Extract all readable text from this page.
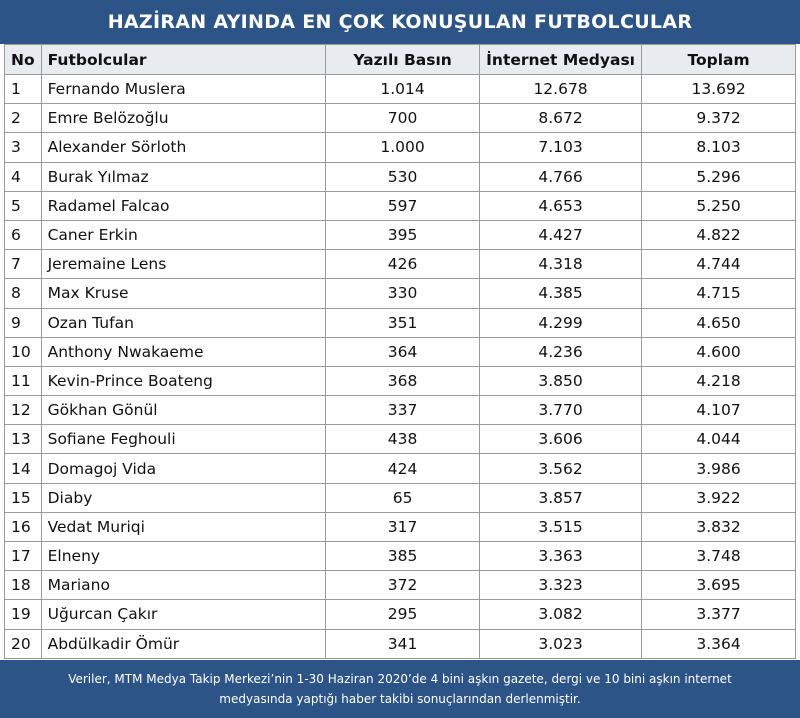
HAZİRAN AYINDA EN ÇOK KONUŞULAN FUTBOLCULAR
No	Futbolcular	Yazılı Basın	İnternet Medyası	Toplam
1	Fernando Muslera	1.014	12.678	13.692
2	Emre Belözoğlu	700	8.672	9.372
3	Alexander Sörloth	1.000	7.103	8.103
4	Burak Yılmaz	530	4.766	5.296
5	Radamel Falcao	597	4.653	5.250
6	Caner Erkin	395	4.427	4.822
7	Jeremaine Lens	426	4.318	4.744
8	Max Kruse	330	4.385	4.715
9	Ozan Tufan	351	4.299	4.650
10	Anthony Nwakaeme	364	4.236	4.600
11	Kevin-Prince Boateng	368	3.850	4.218
12	Gökhan Gönül	337	3.770	4.107
13	Sofiane Feghouli	438	3.606	4.044
14	Domagoj Vida	424	3.562	3.986
15	Diaby	65	3.857	3.922
16	Vedat Muriqi	317	3.515	3.832
17	Elneny	385	3.363	3.748
18	Mariano	372	3.323	3.695
19	Uğurcan Çakır	295	3.082	3.377
20	Abdülkadir Ömür	341	3.023	3.364
Veriler, MTM Medya Takip Merkezi’nin 1-30 Haziran 2020’de 4 bini aşkın gazete, dergi ve 10 bini aşkın internet
medyasında yaptığı haber takibi sonuçlarından derlenmiştir.
